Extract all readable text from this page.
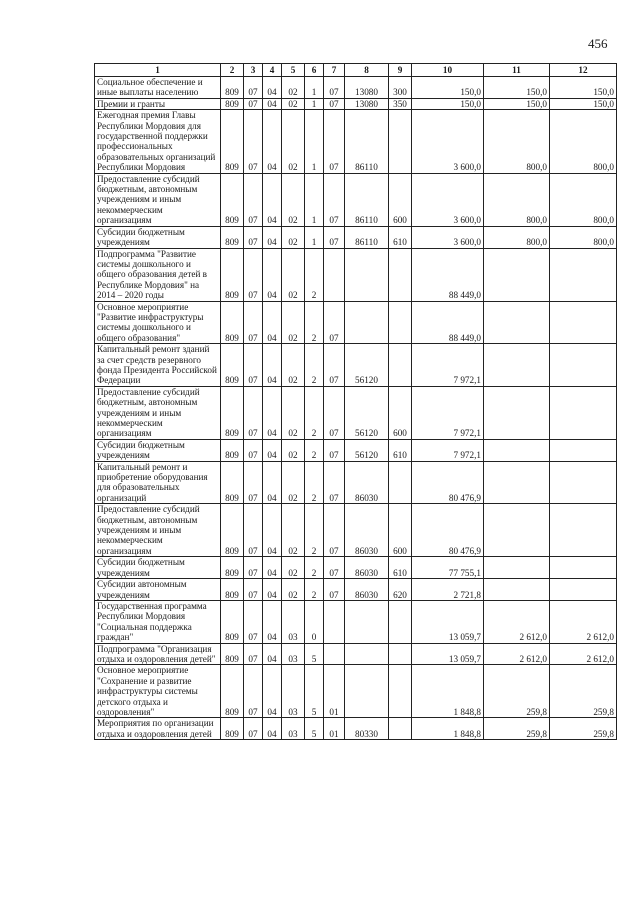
456
1	2	3	4	5	6	7	8	9	10	11	12
Социальное обеспечение и иные выплаты населению	809	07	04	02	1	07	13080	300	150,0	150,0	150,0
Премии и гранты	809	07	04	02	1	07	13080	350	150,0	150,0	150,0
Ежегодная премия Главы Республики Мордовия для государственной поддержки профессиональных образовательных организаций Республики Мордовия	809	07	04	02	1	07	86110		3 600,0	800,0	800,0
Предоставление субсидий бюджетным, автономным учреждениям и иным некоммерческим организациям	809	07	04	02	1	07	86110	600	3 600,0	800,0	800,0
Субсидии бюджетным учреждениям	809	07	04	02	1	07	86110	610	3 600,0	800,0	800,0
Подпрограмма "Развитие системы дошкольного и общего образования детей в Республике Мордовия" на 2014 – 2020 годы	809	07	04	02	2				88 449,0		
Основное мероприятие "Развитие инфраструктуры системы дошкольного и общего образования"	809	07	04	02	2	07			88 449,0		
Капитальный ремонт зданий за счет средств резервного фонда Президента Российской Федерации	809	07	04	02	2	07	56120		7 972,1		
Предоставление субсидий бюджетным, автономным учреждениям и иным некоммерческим организациям	809	07	04	02	2	07	56120	600	7 972,1		
Субсидии бюджетным учреждениям	809	07	04	02	2	07	56120	610	7 972,1		
Капитальный ремонт и приобретение оборудования для образовательных организаций	809	07	04	02	2	07	86030		80 476,9		
Предоставление субсидий бюджетным, автономным учреждениям и иным некоммерческим организациям	809	07	04	02	2	07	86030	600	80 476,9		
Субсидии бюджетным учреждениям	809	07	04	02	2	07	86030	610	77 755,1		
Субсидии автономным учреждениям	809	07	04	02	2	07	86030	620	2 721,8		
Государственная программа Республики Мордовия "Социальная поддержка граждан"	809	07	04	03	0				13 059,7	2 612,0	2 612,0
Подпрограмма "Организация отдыха и оздоровления детей"	809	07	04	03	5				13 059,7	2 612,0	2 612,0
Основное мероприятие "Сохранение и развитие инфраструктуры системы детского отдыха и оздоровления"	809	07	04	03	5	01			1 848,8	259,8	259,8
Мероприятия по организации отдыха и оздоровления детей	809	07	04	03	5	01	80330		1 848,8	259,8	259,8
